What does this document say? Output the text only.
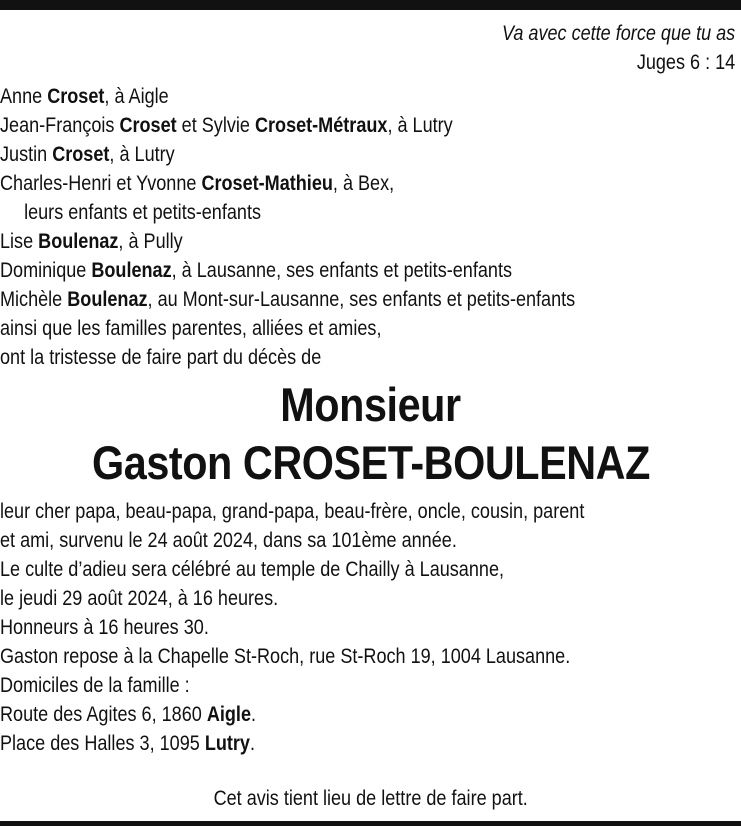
Va avec cette force que tu as
Juges 6 : 14
Anne Croset, à Aigle
Jean-François Croset et Sylvie Croset-Métraux, à Lutry
Justin Croset, à Lutry
Charles-Henri et Yvonne Croset-Mathieu, à Bex,
leurs enfants et petits-enfants
Lise Boulenaz, à Pully
Dominique Boulenaz, à Lausanne, ses enfants et petits-enfants
Michèle Boulenaz, au Mont-sur-Lausanne, ses enfants et petits-enfants
ainsi que les familles parentes, alliées et amies,
ont la tristesse de faire part du décès de
Monsieur
Gaston CROSET-BOULENAZ
leur cher papa, beau-papa, grand-papa, beau-frère, oncle, cousin, parent
et ami, survenu le 24 août 2024, dans sa 101ème année.
Le culte d’adieu sera célébré au temple de Chailly à Lausanne,
le jeudi 29 août 2024, à 16 heures.
Honneurs à 16 heures 30.
Gaston repose à la Chapelle St-Roch, rue St-Roch 19, 1004 Lausanne.
Domiciles de la famille :
Route des Agites 6, 1860 Aigle.
Place des Halles 3, 1095 Lutry.
Cet avis tient lieu de lettre de faire part.
